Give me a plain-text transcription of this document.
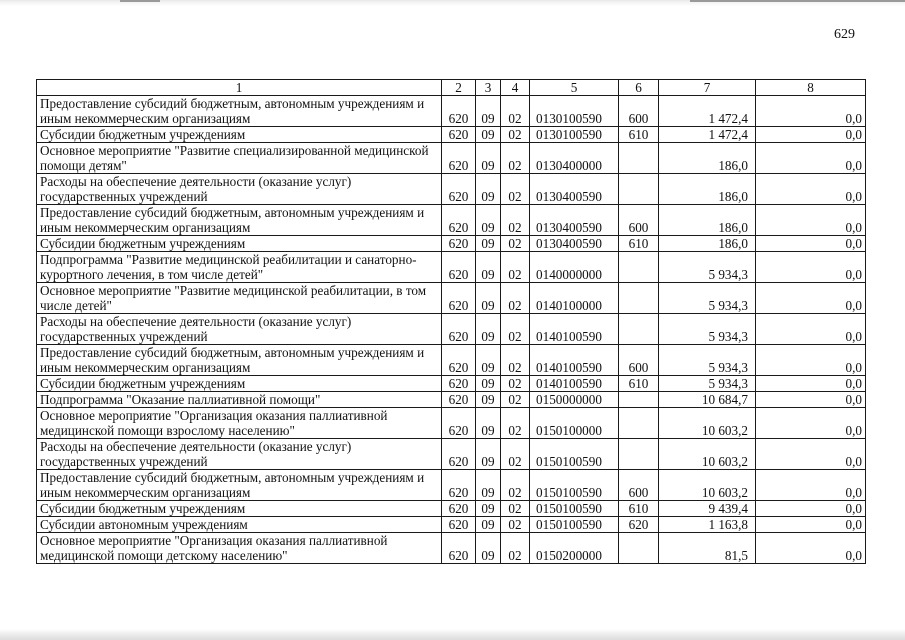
629
1	2	3	4	5	6	7	8
Предоставление субсидий бюджетным, автономным учреждениям и иным некоммерческим организациям	620	09	02	0130100590	600	1 472,4	0,0
Субсидии бюджетным учреждениям	620	09	02	0130100590	610	1 472,4	0,0
Основное мероприятие "Развитие специализированной медицинской помощи детям"	620	09	02	0130400000		186,0	0,0
Расходы на обеспечение деятельности (оказание услуг) государственных учреждений	620	09	02	0130400590		186,0	0,0
Предоставление субсидий бюджетным, автономным учреждениям и иным некоммерческим организациям	620	09	02	0130400590	600	186,0	0,0
Субсидии бюджетным учреждениям	620	09	02	0130400590	610	186,0	0,0
Подпрограмма "Развитие медицинской реабилитации и санаторно-курортного лечения, в том числе детей"	620	09	02	0140000000		5 934,3	0,0
Основное мероприятие "Развитие медицинской реабилитации, в том числе детей"	620	09	02	0140100000		5 934,3	0,0
Расходы на обеспечение деятельности (оказание услуг) государственных учреждений	620	09	02	0140100590		5 934,3	0,0
Предоставление субсидий бюджетным, автономным учреждениям и иным некоммерческим организациям	620	09	02	0140100590	600	5 934,3	0,0
Субсидии бюджетным учреждениям	620	09	02	0140100590	610	5 934,3	0,0
Подпрограмма "Оказание паллиативной помощи"	620	09	02	0150000000		10 684,7	0,0
Основное мероприятие "Организация оказания паллиативной медицинской помощи взрослому населению"	620	09	02	0150100000		10 603,2	0,0
Расходы на обеспечение деятельности (оказание услуг) государственных учреждений	620	09	02	0150100590		10 603,2	0,0
Предоставление субсидий бюджетным, автономным учреждениям и иным некоммерческим организациям	620	09	02	0150100590	600	10 603,2	0,0
Субсидии бюджетным учреждениям	620	09	02	0150100590	610	9 439,4	0,0
Субсидии автономным учреждениям	620	09	02	0150100590	620	1 163,8	0,0
Основное мероприятие "Организация оказания паллиативной медицинской помощи детскому населению"	620	09	02	0150200000		81,5	0,0
